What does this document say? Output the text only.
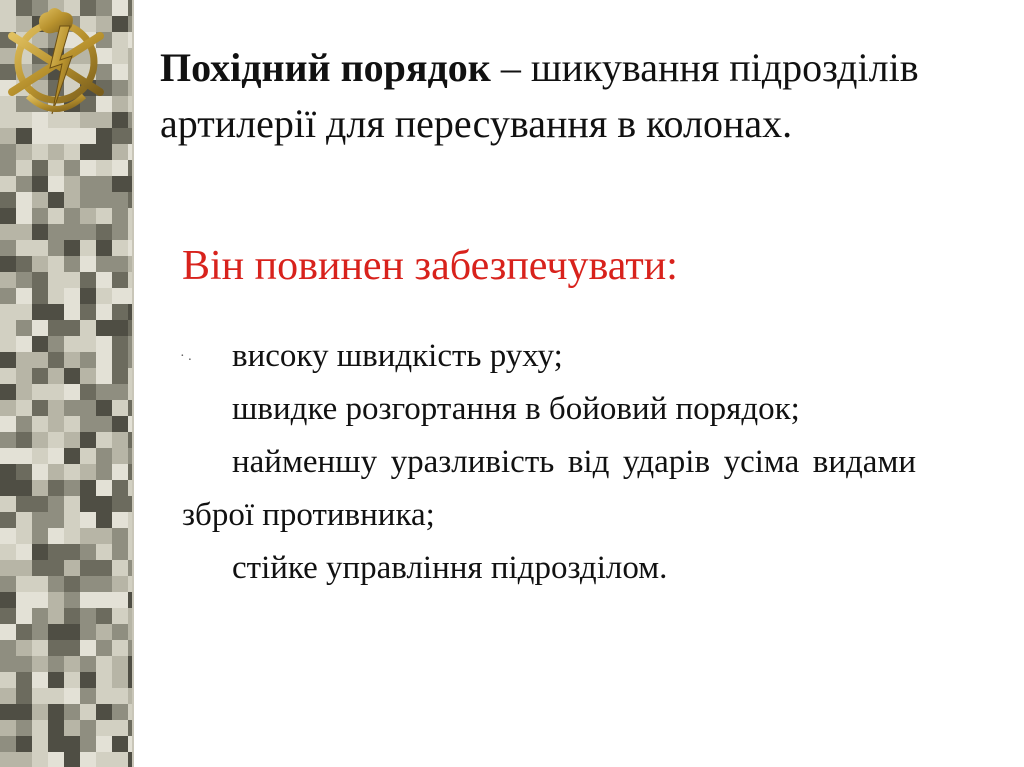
Похідний порядок – шикування підрозділів артилерії для пересування в колонах.
Він повинен забезпечувати:

· . високу швидкість руху;

швидке розгортання в бойовий порядок;

найменшу уразливість від ударів усіма видами зброї противника;

стійке управління підрозділом.
